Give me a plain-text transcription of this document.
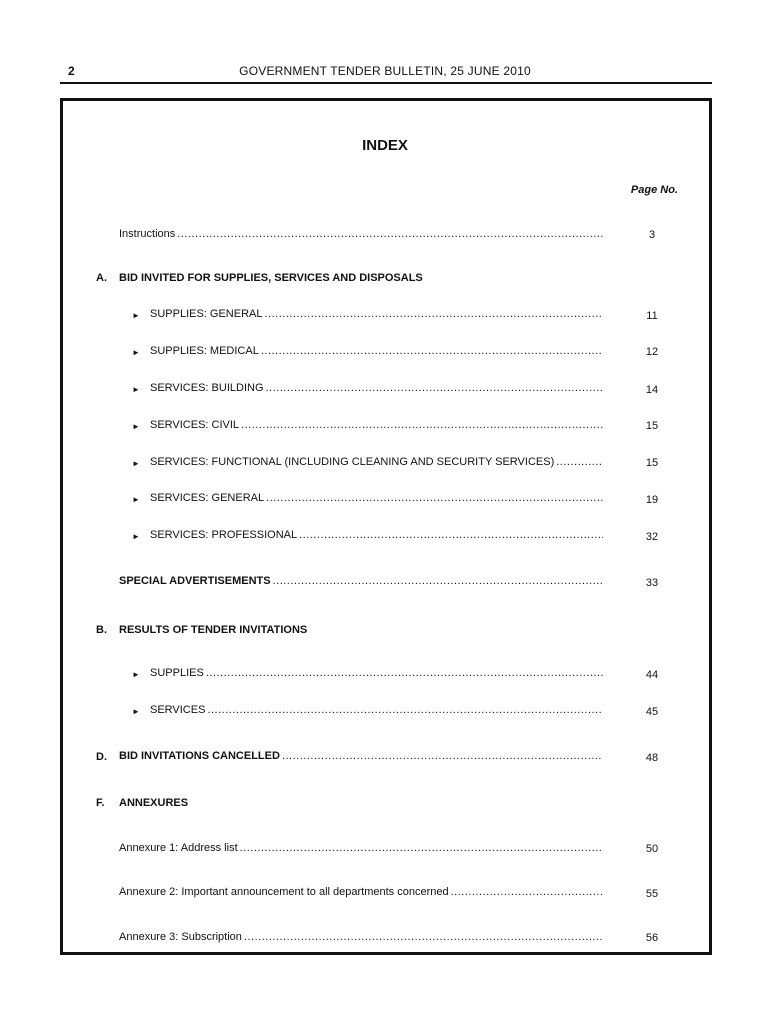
2	GOVERNMENT TENDER BULLETIN, 25 JUNE 2010
INDEX
Page No.
Instructions .....	3
A. BID INVITED FOR SUPPLIES, SERVICES AND DISPOSALS
► SUPPLIES: GENERAL .....	11
► SUPPLIES: MEDICAL .....	12
► SERVICES: BUILDING .....	14
► SERVICES: CIVIL .....	15
► SERVICES: FUNCTIONAL (INCLUDING CLEANING AND SECURITY SERVICES) .....	15
► SERVICES: GENERAL .....	19
► SERVICES: PROFESSIONAL .....	32
SPECIAL ADVERTISEMENTS .....	33
B. RESULTS OF TENDER INVITATIONS
► SUPPLIES .....	44
► SERVICES .....	45
D. BID INVITATIONS CANCELLED .....	48
F. ANNEXURES
Annexure 1: Address list .....	50
Annexure 2: Important announcement to all departments concerned .....	55
Annexure 3: Subscription .....	56
